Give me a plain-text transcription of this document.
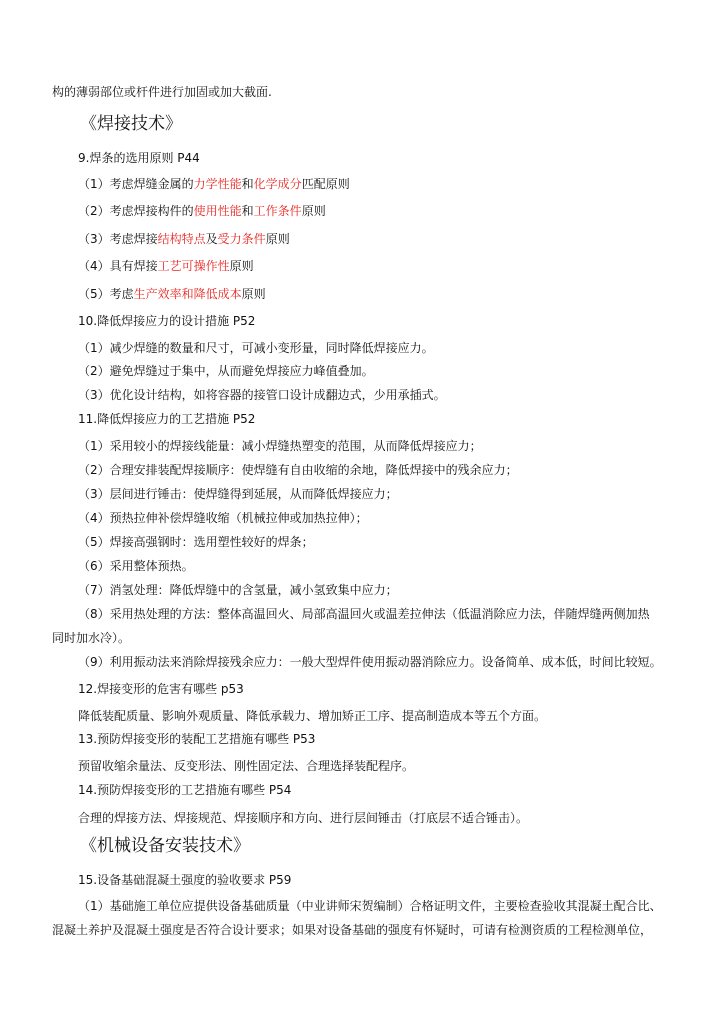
构的薄弱部位或杆件进行加固或加大截面.
《焊接技术》
9.焊条的选用原则 P44
（1）考虑焊缝金属的力学性能和化学成分匹配原则
（2）考虑焊接构件的使用性能和工作条件原则
（3）考虑焊接结构特点及受力条件原则
（4）具有焊接工艺可操作性原则
（5）考虑生产效率和降低成本原则
10.降低焊接应力的设计措施 P52
（1）减少焊缝的数量和尺寸，可减小变形量，同时降低焊接应力。
（2）避免焊缝过于集中，从而避免焊接应力峰值叠加。
（3）优化设计结构，如将容器的接管口设计成翻边式，少用承插式。
11.降低焊接应力的工艺措施 P52
（1）采用较小的焊接线能量：减小焊缝热塑变的范围，从而降低焊接应力；
（2）合理安排装配焊接顺序：使焊缝有自由收缩的余地，降低焊接中的残余应力；
（3）层间进行锤击：使焊缝得到延展，从而降低焊接应力；
（4）预热拉伸补偿焊缝收缩（机械拉伸或加热拉伸）；
（5）焊接高强钢时：选用塑性较好的焊条；
（6）采用整体预热。
（7）消氢处理：降低焊缝中的含氢量，减小氢致集中应力；
（8）采用热处理的方法：整体高温回火、局部高温回火或温差拉伸法（低温消除应力法，伴随焊缝两侧加热
同时加水冷）。
（9）利用振动法来消除焊接残余应力：一般大型焊件使用振动器消除应力。设备简单、成本低，时间比较短。
12.焊接变形的危害有哪些 p53
降低装配质量、影响外观质量、降低承载力、增加矫正工序、提高制造成本等五个方面。
13.预防焊接变形的装配工艺措施有哪些 P53
预留收缩余量法、反变形法、刚性固定法、合理选择装配程序。
14.预防焊接变形的工艺措施有哪些 P54
合理的焊接方法、焊接规范、焊接顺序和方向、进行层间锤击（打底层不适合锤击）。
《机械设备安装技术》
15.设备基础混凝土强度的验收要求 P59
（1）基础施工单位应提供设备基础质量（中业讲师宋贺编制）合格证明文件，主要检查验收其混凝土配合比、
混凝土养护及混凝土强度是否符合设计要求；如果对设备基础的强度有怀疑时，可请有检测资质的工程检测单位，
